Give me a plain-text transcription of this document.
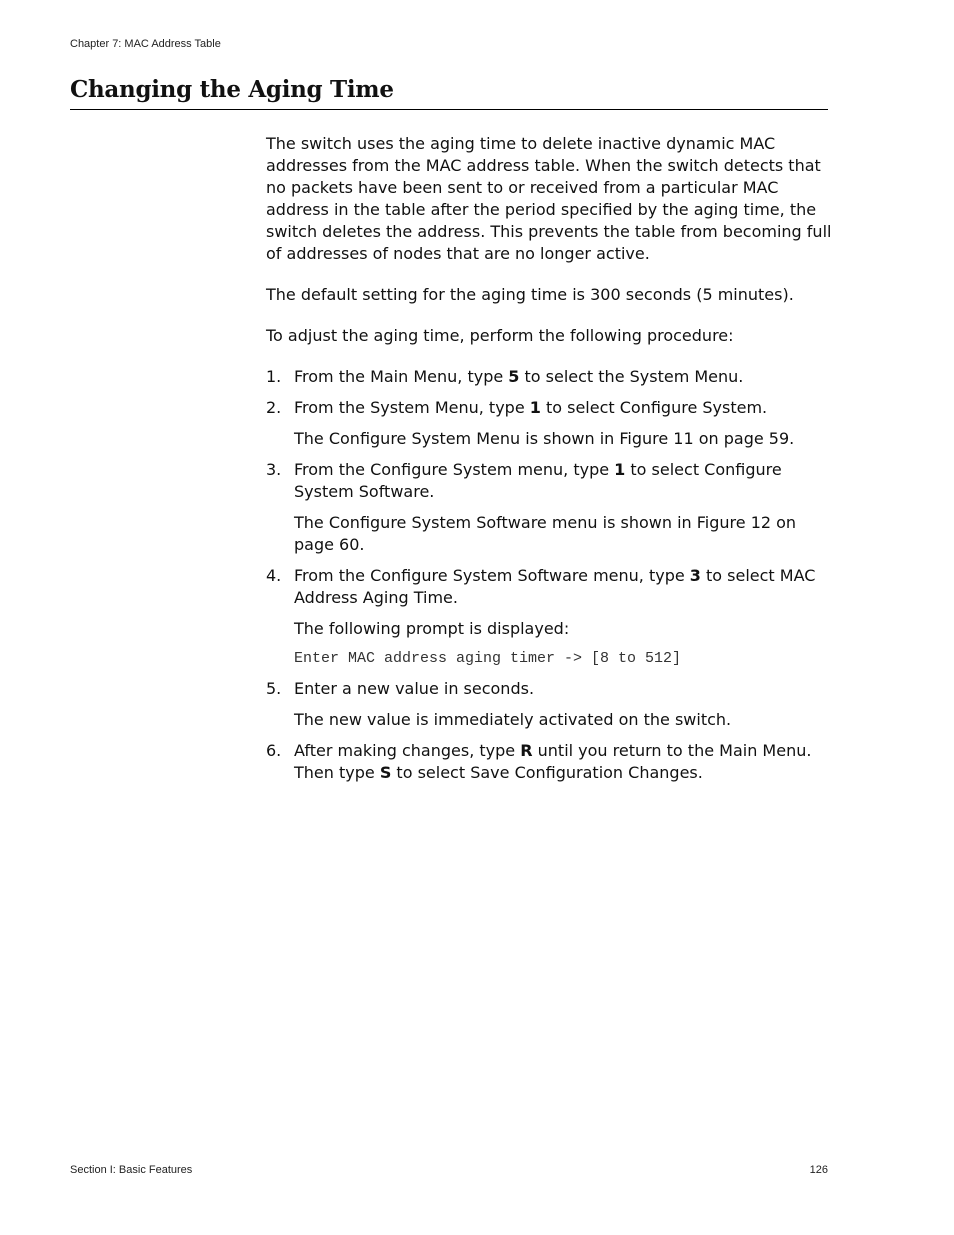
Chapter 7: MAC Address Table
Changing the Aging Time

The switch uses the aging time to delete inactive dynamic MAC addresses from the MAC address table. When the switch detects that no packets have been sent to or received from a particular MAC address in the table after the period specified by the aging time, the switch deletes the address. This prevents the table from becoming full of addresses of nodes that are no longer active.

The default setting for the aging time is 300 seconds (5 minutes).

To adjust the aging time, perform the following procedure:

1. From the Main Menu, type 5 to select the System Menu.

2. From the System Menu, type 1 to select Configure System.

The Configure System Menu is shown in Figure 11 on page 59.

3. From the Configure System menu, type 1 to select Configure System Software.

The Configure System Software menu is shown in Figure 12 on page 60.

4. From the Configure System Software menu, type 3 to select MAC Address Aging Time.

The following prompt is displayed:

Enter MAC address aging timer -> [8 to 512]

5. Enter a new value in seconds.

The new value is immediately activated on the switch.

6. After making changes, type R until you return to the Main Menu. Then type S to select Save Configuration Changes.

Section I: Basic Features	126
